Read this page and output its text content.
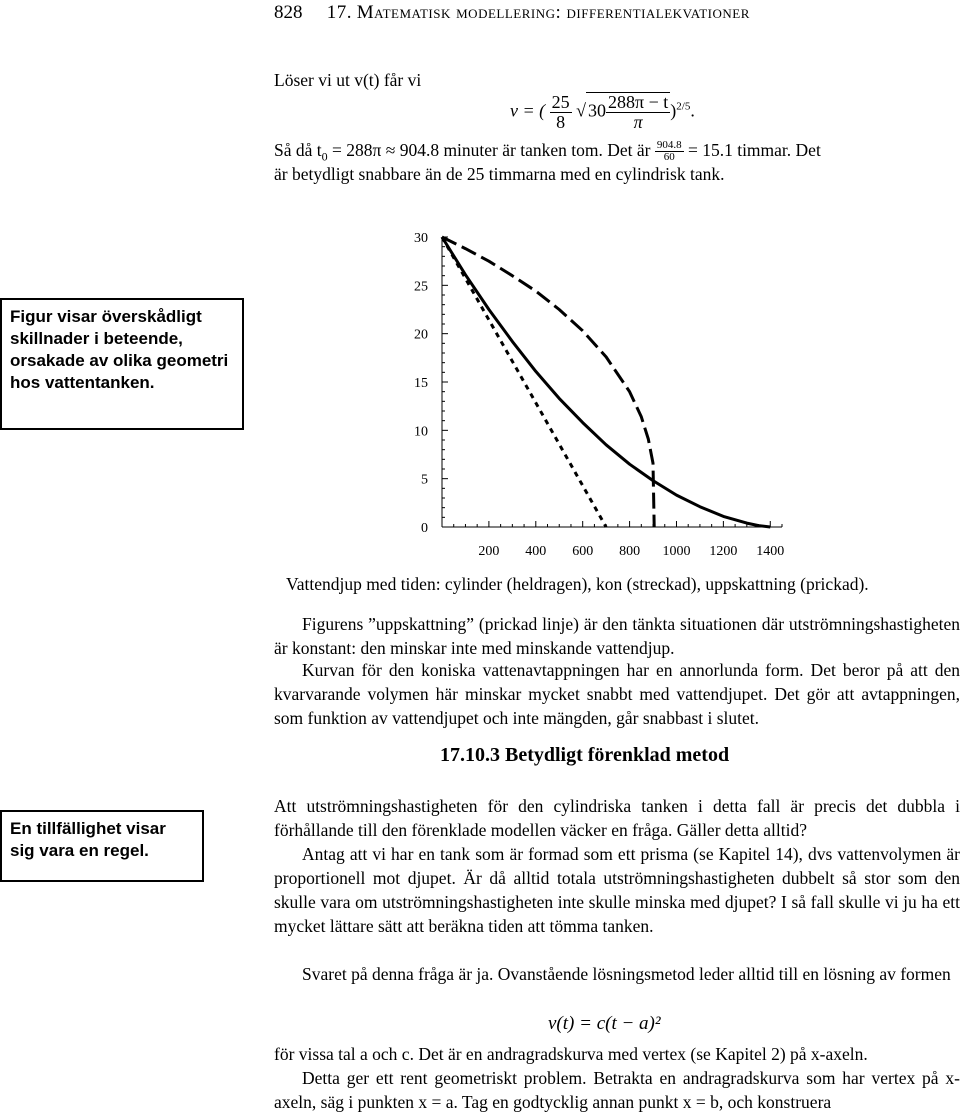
828 17. Matematisk modellering: differentialekvationer
Löser vi ut v(t) får vi
v = ( $\frac{25}{8}$ √ $30 \frac{288\pi - t}{\pi} )^{2/5}$.
Så då $t_0 = 288\pi \approx 904.8$ minuter är tanken tom. Det är $\frac{904.8}{60} = 15.1$ timmar. Det
är betydligt snabbare än de 25 timmarna med en cylindrisk tank.
Figur visar överskådligt skillnader i beteende, orsakade av olika geometri hos vattentanken.
En tillfällighet visar sig vara en regel.
0
5
10
15
20
25
30
200 400 600 800 1000 1200 1400
Vattendjup med tiden: cylinder (heldragen), kon (streckad), uppskattning (prickad).
Figurens ”uppskattning” (prickad linje) är den tänkta situationen där utströmningshastigheten är konstant: den minskar inte med minskande vattendjup.
Kurvan för den koniska vattenavtappningen har en annorlunda form. Det beror på att den kvarvarande volymen här minskar mycket snabbt med vattendjupet. Det gör att avtappningen, som funktion av vattendjupet och inte mängden, går snabbast i slutet.
17.10.3 Betydligt förenklad metod
Att utströmningshastigheten för den cylindriska tanken i detta fall är precis det dubbla i förhållande till den förenklade modellen väcker en fråga. Gäller detta alltid?
Antag att vi har en tank som är formad som ett prisma (se Kapitel 14), dvs vattenvolymen är proportionell mot djupet. Är då alltid totala utströmningshastigheten dubbelt så stor som den skulle vara om utströmningshastigheten inte skulle minska med djupet? I så fall skulle vi ju ha ett mycket lättare sätt att beräkna tiden att tömma tanken.
Svaret på denna fråga är ja. Ovanstående lösningsmetod leder alltid till en lösning av formen
v(t) = c(t − a)²
för vissa tal a och c. Det är en andragradskurva med vertex (se Kapitel 2) på x-axeln.
Detta ger ett rent geometriskt problem. Betrakta en andragradskurva som har vertex på x-axeln, säg i punkten x = a. Tag en godtycklig annan punkt x = b, och konstruera
